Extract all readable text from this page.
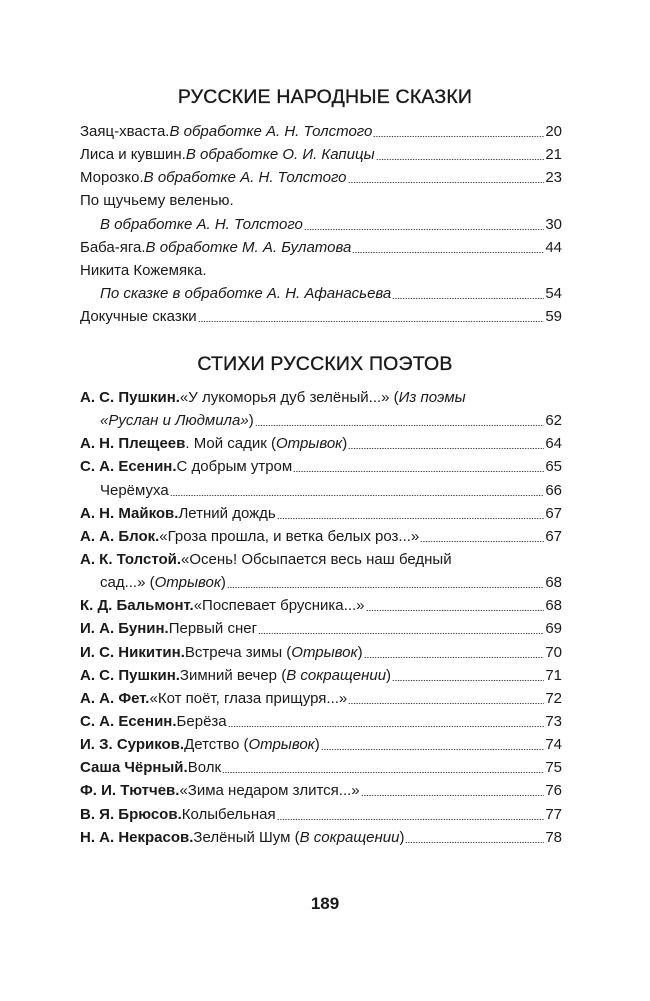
РУССКИЕ НАРОДНЫЕ СКАЗКИ
Заяц-хваста. В обработке А. Н. Толстого	20
Лиса и кувшин. В обработке О. И. Капицы	21
Морозко. В обработке А. Н. Толстого	23
По щучьему веленью.
В обработке А. Н. Толстого	30
Баба-яга. В обработке М. А. Булатова	44
Никита Кожемяка.
По сказке в обработке А. Н. Афанасьева	54
Докучные сказки	59
СТИХИ РУССКИХ ПОЭТОВ
А. С. Пушкин. «У лукоморья дуб зелёный...» ( Из поэмы
«Руслан и Людмила» )	62
А. Н. Плещеев . Мой садик ( Отрывок )	64
С. А. Есенин. С добрым утром	65
Черёмуха	66
А. Н. Майков. Летний дождь	67
А. А. Блок. «Гроза прошла, и ветка белых роз...»	67
А. К. Толстой. «Осень! Обсыпается весь наш бедный
сад...» ( Отрывок )	68
К. Д. Бальмонт. «Поспевает брусника...»	68
И. А. Бунин. Первый снег	69
И. С. Никитин. Встреча зимы ( Отрывок )	70
А. С. Пушкин. Зимний вечер ( В сокращении )	71
А. А. Фет. «Кот поёт, глаза прищуря...»	72
С. А. Есенин. Берёза	73
И. З. Суриков. Детство ( Отрывок )	74
Саша Чёрный. Волк	75
Ф. И. Тютчев. «Зима недаром злится...»	76
В. Я. Брюсов. Колыбельная	77
Н. А. Некрасов. Зелёный Шум ( В сокращении )	78
189
